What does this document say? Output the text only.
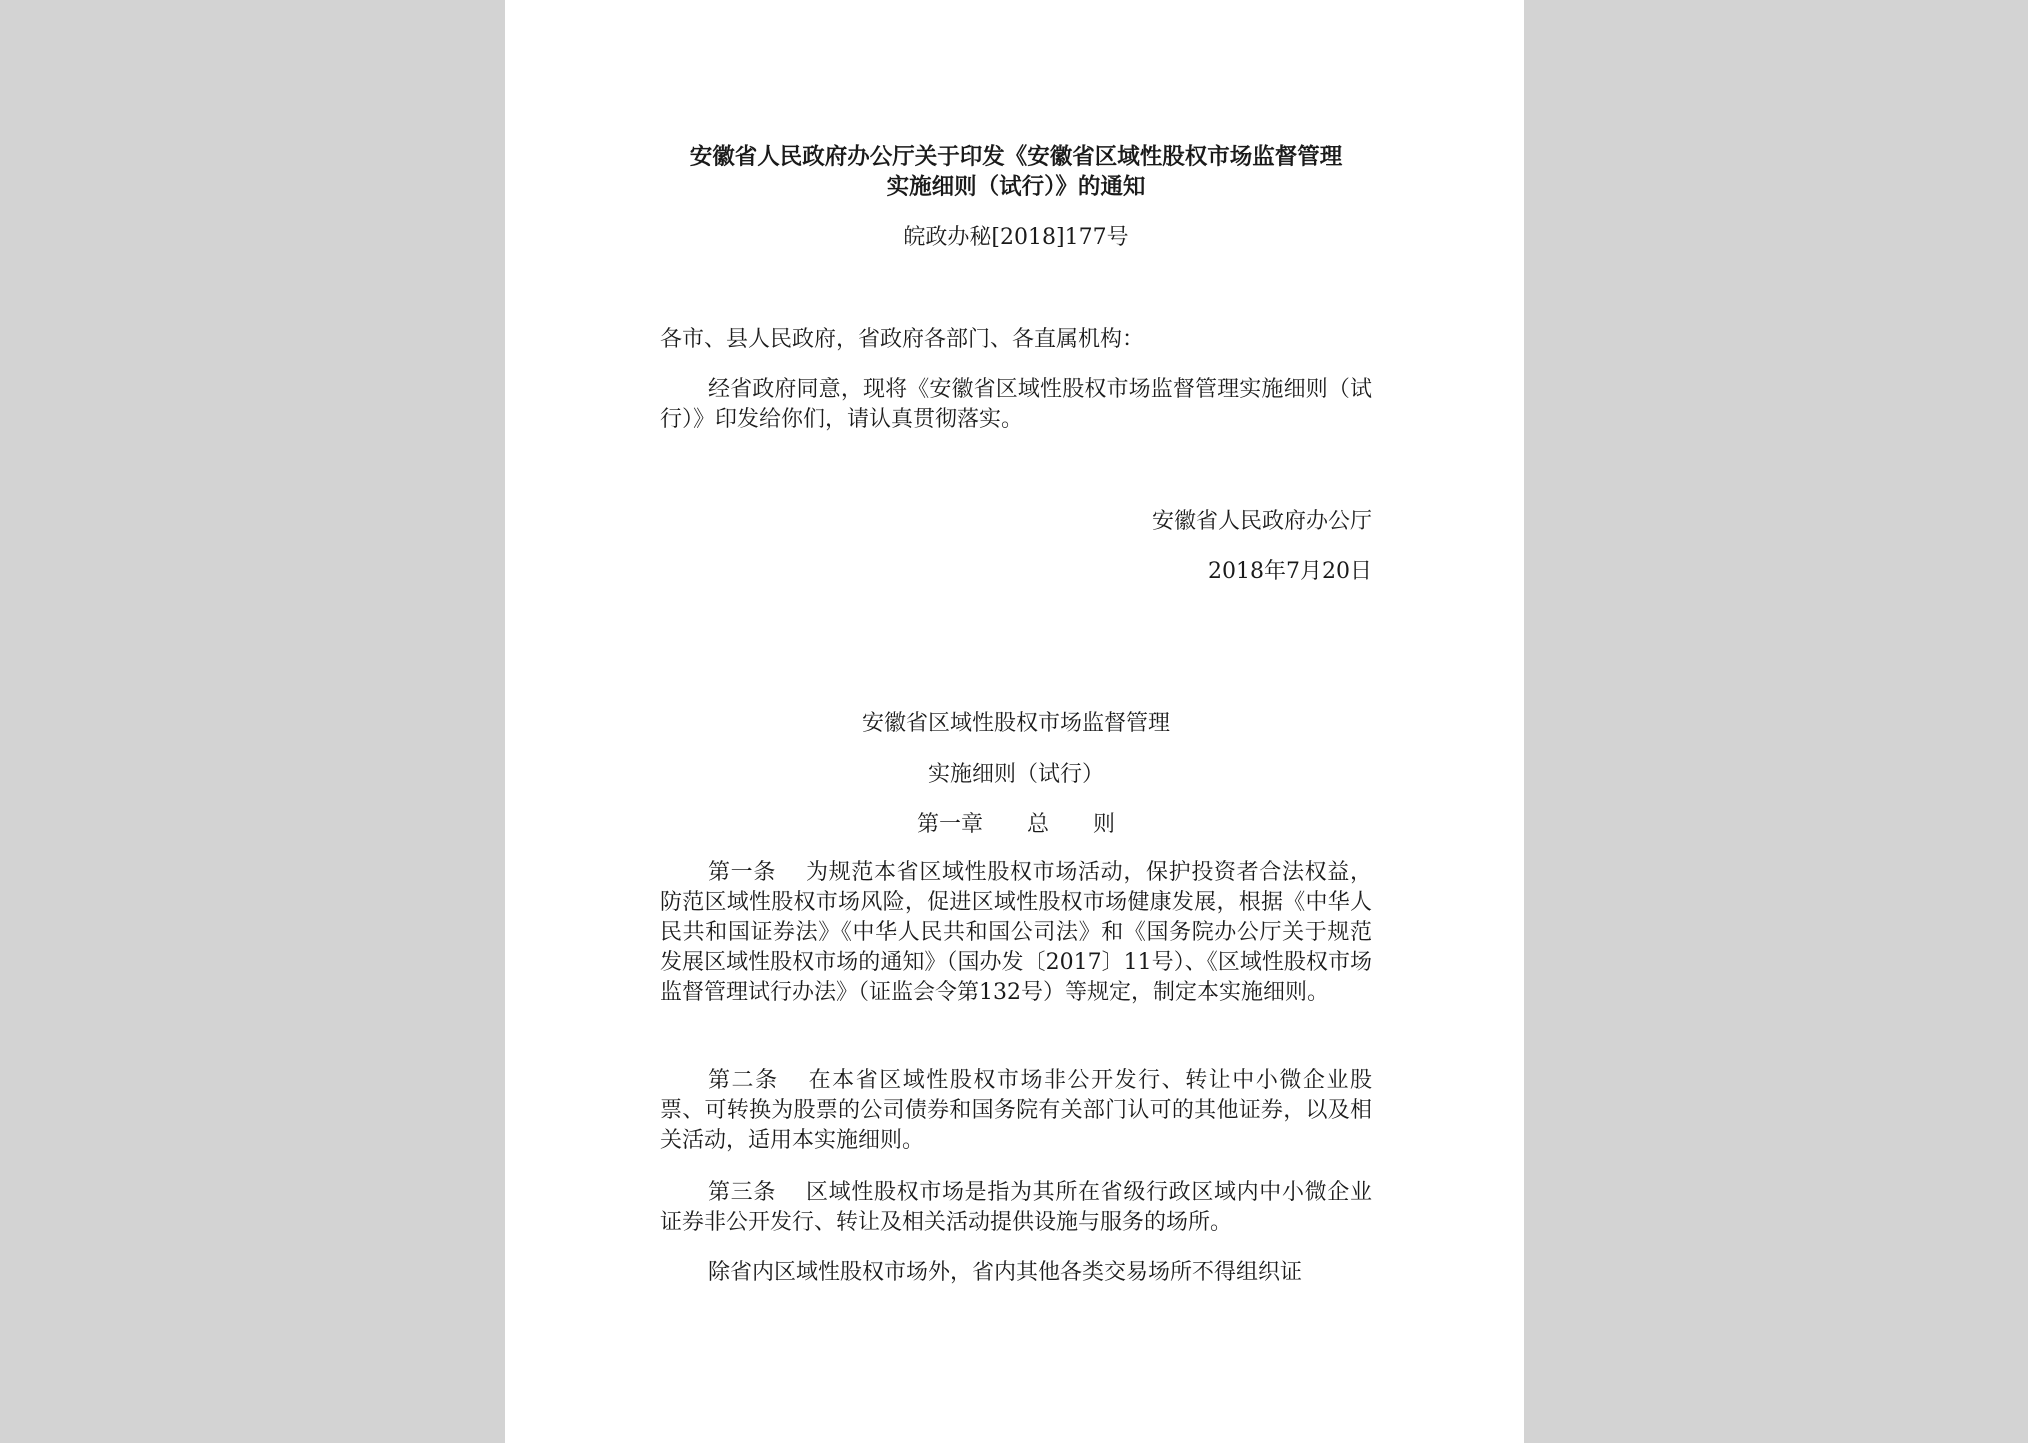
安徽省人民政府办公厅关于印发《安徽省区域性股权市场监督管理
实施细则（试行）》的通知
皖政办秘[2018]177号
各市、县人民政府，省政府各部门、各直属机构：
经省政府同意，现将《安徽省区域性股权市场监督管理实施细则（试行）》印发给你们，请认真贯彻落实。
安徽省人民政府办公厅
2018年7月20日
安徽省区域性股权市场监督管理
实施细则（试行）
第一章　　总　　则
第一条 为规范本省区域性股权市场活动，保护投资者合法权益，防范区域性股权市场风险，促进区域性股权市场健康发展，根据《中华人民共和国证券法》《中华人民共和国公司法》和《国务院办公厅关于规范发展区域性股权市场的通知》（国办发〔2017〕11号）、《区域性股权市场监督管理试行办法》（证监会令第132号）等规定，制定本实施细则。
第二条 在本省区域性股权市场非公开发行、转让中小微企业股票、可转换为股票的公司债券和国务院有关部门认可的其他证券，以及相关活动，适用本实施细则。
第三条 区域性股权市场是指为其所在省级行政区域内中小微企业证券非公开发行、转让及相关活动提供设施与服务的场所。
除省内区域性股权市场外，省内其他各类交易场所不得组织证
